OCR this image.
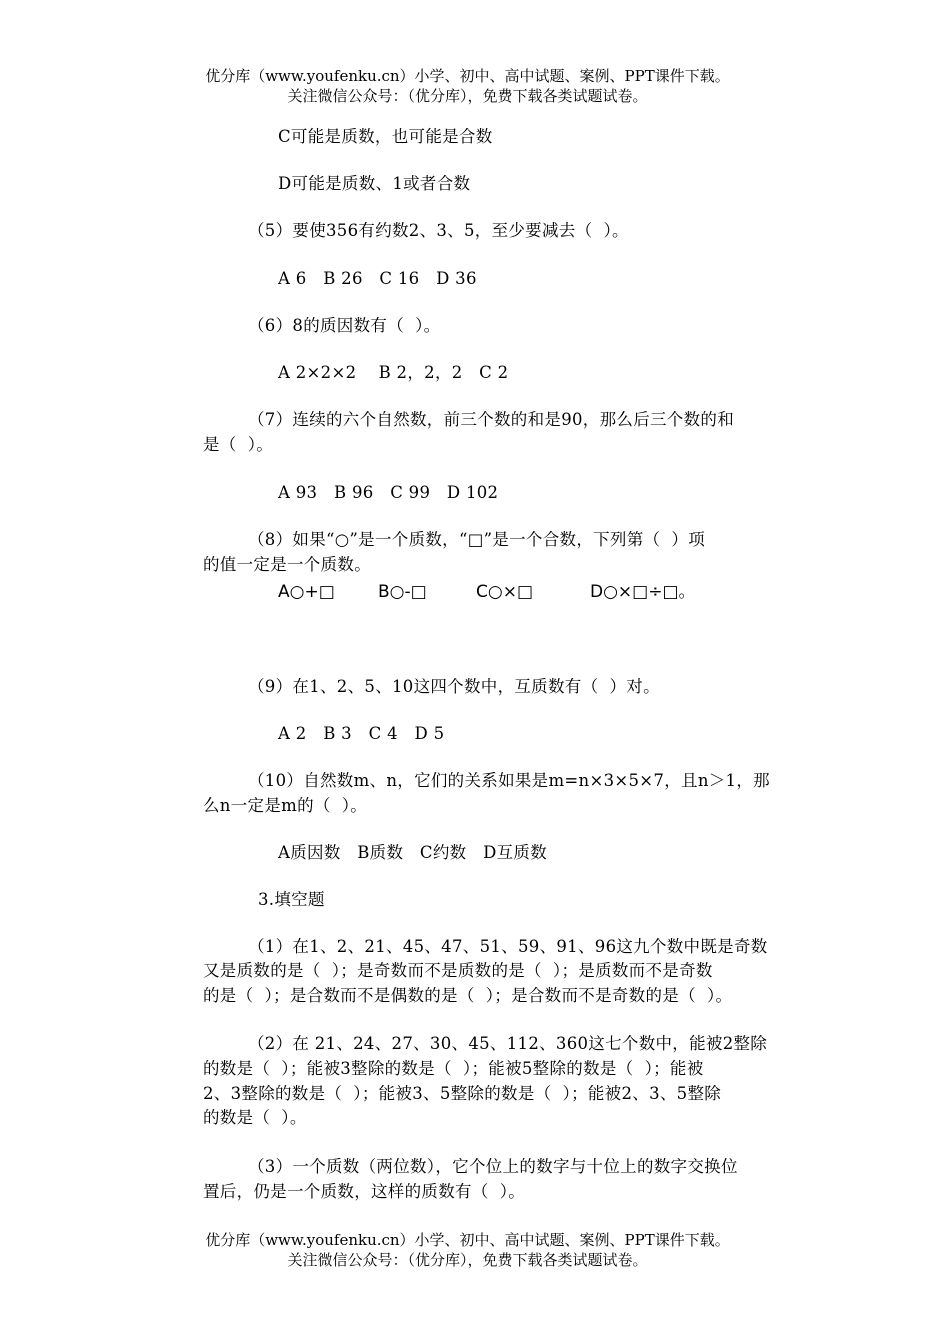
优分库（www.youfenku.cn）小学、初中、高中试题、案例、PPT课件下载。
关注微信公众号：（优分库），免费下载各类试题试卷。
C可能是质数，也可能是合数
D可能是质数、1或者合数
（5）要使356有约数2、3、5，至少要减去（  ）。
A 6   B 26   C 16   D 36
（6）8的质因数有（  ）。
A 2×2×2    B 2，2，2   C 2
（7）连续的六个自然数，前三个数的和是90，那么后三个数的和
是（  ）。
A 93   B 96   C 99   D 102
（8）如果“○”是一个质数，“□”是一个合数，下列第（  ）项
的值一定是一个质数。

A○+□

	B○-□

	C○×□

	D○×□÷□。

（9）在1、2、5、10这四个数中，互质数有（  ）对。
A 2   B 3   C 4   D 5
（10）自然数m、n，它们的关系如果是m=n×3×5×7，且n＞1，那
么n一定是m的（  ）。
A质因数   B质数   C约数   D互质数
3.填空题
（1）在1、2、21、45、47、51、59、91、96这九个数中既是奇数
又是质数的是（  ）；是奇数而不是质数的是（  ）；是质数而不是奇数
的是（  ）；是合数而不是偶数的是（  ）；是合数而不是奇数的是（  ）。
（2）在 21、24、27、30、45、112、360这七个数中，能被2整除
的数是（  ）；能被3整除的数是（  ）；能被5整除的数是（  ）；能被
2、3整除的数是（  ）；能被3、5整除的数是（  ）；能被2、3、5整除
的数是（  ）。
（3）一个质数（两位数），它个位上的数字与十位上的数字交换位
置后，仍是一个质数，这样的质数有（  ）。
优分库（www.youfenku.cn）小学、初中、高中试题、案例、PPT课件下载。
关注微信公众号：（优分库），免费下载各类试题试卷。
